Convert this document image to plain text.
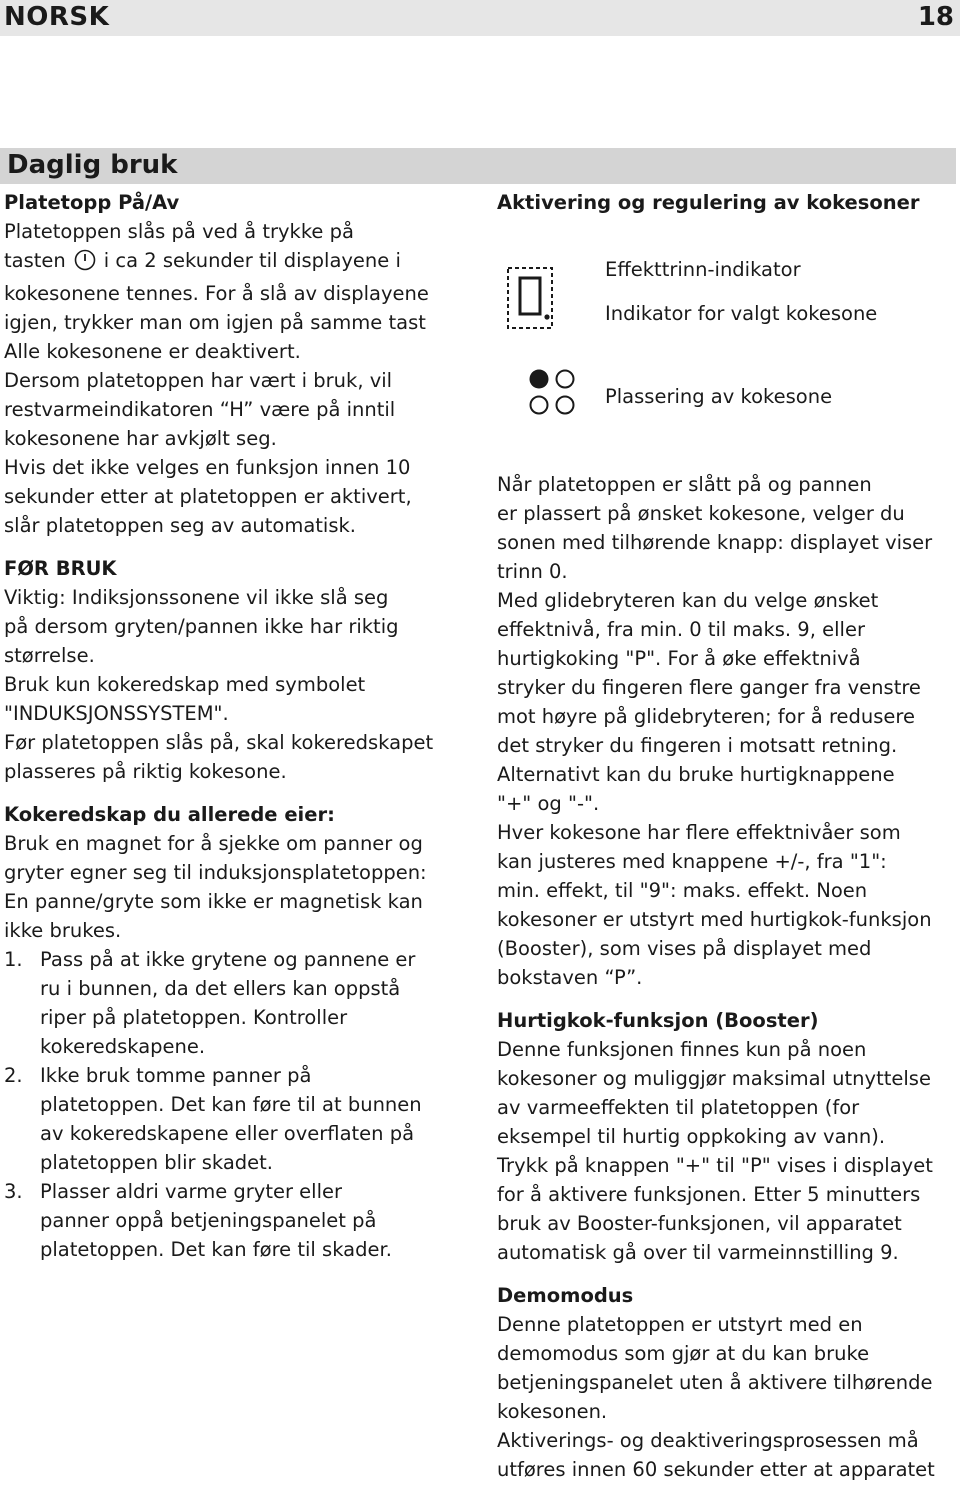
NORSK	18
Daglig bruk

Platetopp På/Av

Platetoppen slås på ved å trykke på

tasten i ca 2 sekunder til displayene i

kokesonene tennes. For å slå av displayene

igjen, trykker man om igjen på samme tast

Alle kokesonene er deaktivert.

Dersom platetoppen har vært i bruk, vil

restvarmeindikatoren “H” være på inntil

kokesonene har avkjølt seg.

Hvis det ikke velges en funksjon innen 10

sekunder etter at platetoppen er aktivert,

slår platetoppen seg av automatisk.

FØR BRUK

Viktig: Indiksjonssonene vil ikke slå seg

på dersom gryten/pannen ikke har riktig

størrelse.

Bruk kun kokeredskap med symbolet

"INDUKSJONSSYSTEM".

Før platetoppen slås på, skal kokeredskapet

plasseres på riktig kokesone.

Kokeredskap du allerede eier:

Bruk en magnet for å sjekke om panner og

gryter egner seg til induksjonsplatetoppen:

En panne/gryte som ikke er magnetisk kan

ikke brukes.

1. Pass på at ikke grytene og pannene er

ru i bunnen, da det ellers kan oppstå

riper på platetoppen. Kontroller

kokeredskapene.

2. Ikke bruk tomme panner på

platetoppen. Det kan føre til at bunnen

av kokeredskapene eller overflaten på

platetoppen blir skadet.

3. Plasser aldri varme gryter eller

panner oppå betjeningspanelet på

platetoppen. Det kan føre til skader.

Aktivering og regulering av kokesoner

Effekttrinn-indikator
Indikator for valgt kokesone
Plassering av kokesone

Når platetoppen er slått på og pannen

er plassert på ønsket kokesone, velger du

sonen med tilhørende knapp: displayet viser

trinn 0.

Med glidebryteren kan du velge ønsket

effektnivå, fra min. 0 til maks. 9, eller

hurtigkoking "P". For å øke effektnivå

stryker du fingeren flere ganger fra venstre

mot høyre på glidebryteren; for å redusere

det stryker du fingeren i motsatt retning.

Alternativt kan du bruke hurtigknappene

"+" og "-".

Hver kokesone har flere effektnivåer som

kan justeres med knappene +/-, fra "1":

min. effekt, til "9": maks. effekt. Noen

kokesoner er utstyrt med hurtigkok-funksjon

(Booster), som vises på displayet med

bokstaven “P”.

Hurtigkok-funksjon (Booster)

Denne funksjonen finnes kun på noen

kokesoner og muliggjør maksimal utnyttelse

av varmeeffekten til platetoppen (for

eksempel til hurtig oppkoking av vann).

Trykk på knappen "+" til "P" vises i displayet

for å aktivere funksjonen. Etter 5 minutters

bruk av Booster-funksjonen, vil apparatet

automatisk gå over til varmeinnstilling 9.

Demomodus

Denne platetoppen er utstyrt med en

demomodus som gjør at du kan bruke

betjeningspanelet uten å aktivere tilhørende

kokesonen.

Aktiverings- og deaktiveringsprosessen må

utføres innen 60 sekunder etter at apparatet
